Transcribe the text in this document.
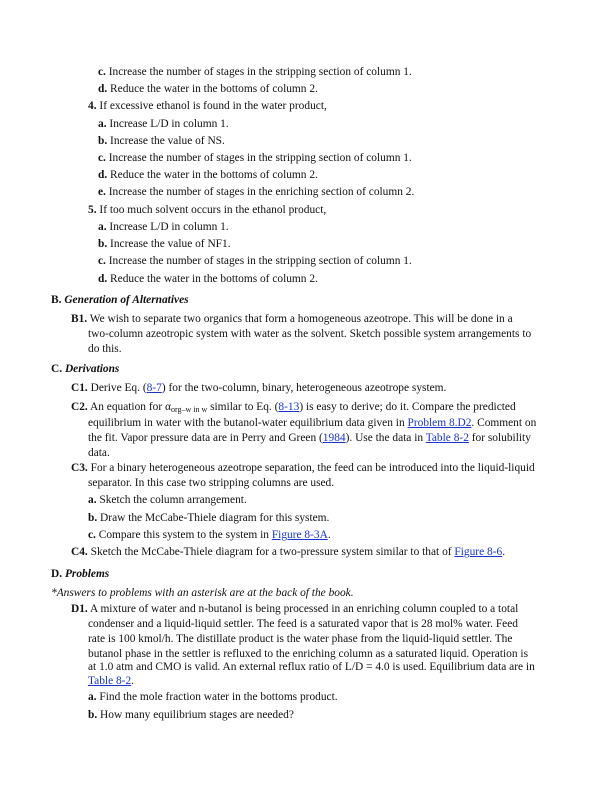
c. Increase the number of stages in the stripping section of column 1.
d. Reduce the water in the bottoms of column 2.
4. If excessive ethanol is found in the water product,
a. Increase L/D in column 1.
b. Increase the value of NS.
c. Increase the number of stages in the stripping section of column 1.
d. Reduce the water in the bottoms of column 2.
e. Increase the number of stages in the enriching section of column 2.
5. If too much solvent occurs in the ethanol product,
a. Increase L/D in column 1.
b. Increase the value of NF1.
c. Increase the number of stages in the stripping section of column 1.
d. Reduce the water in the bottoms of column 2.
B. Generation of Alternatives
B1. We wish to separate two organics that form a homogeneous azeotrope. This will be done in a
two-column azeotropic system with water as the solvent. Sketch possible system arrangements to
do this.
C. Derivations
C1. Derive Eq. (8-7) for the two-column, binary, heterogeneous azeotrope system.
C2. An equation for $\alpha_{org-w in w}$ similar to Eq. (8-13) is easy to derive; do it. Compare the predicted
equilibrium in water with the butanol-water equilibrium data given in Problem 8.D2. Comment on
the fit. Vapor pressure data are in Perry and Green (1984). Use the data in Table 8-2 for solubility
data.
C3. For a binary heterogeneous azeotrope separation, the feed can be introduced into the liquid-liquid
separator. In this case two stripping columns are used.
a. Sketch the column arrangement.
b. Draw the McCabe-Thiele diagram for this system.
c. Compare this system to the system in Figure 8-3A.
C4. Sketch the McCabe-Thiele diagram for a two-pressure system similar to that of Figure 8-6.
D. Problems
*Answers to problems with an asterisk are at the back of the book.
D1. A mixture of water and n-butanol is being processed in an enriching column coupled to a total
condenser and a liquid-liquid settler. The feed is a saturated vapor that is 28 mol% water. Feed
rate is 100 kmol/h. The distillate product is the water phase from the liquid-liquid settler. The
butanol phase in the settler is refluxed to the enriching column as a saturated liquid. Operation is
at 1.0 atm and CMO is valid. An external reflux ratio of L/D = 4.0 is used. Equilibrium data are in
Table 8-2.
a. Find the mole fraction water in the bottoms product.
b. How many equilibrium stages are needed?
